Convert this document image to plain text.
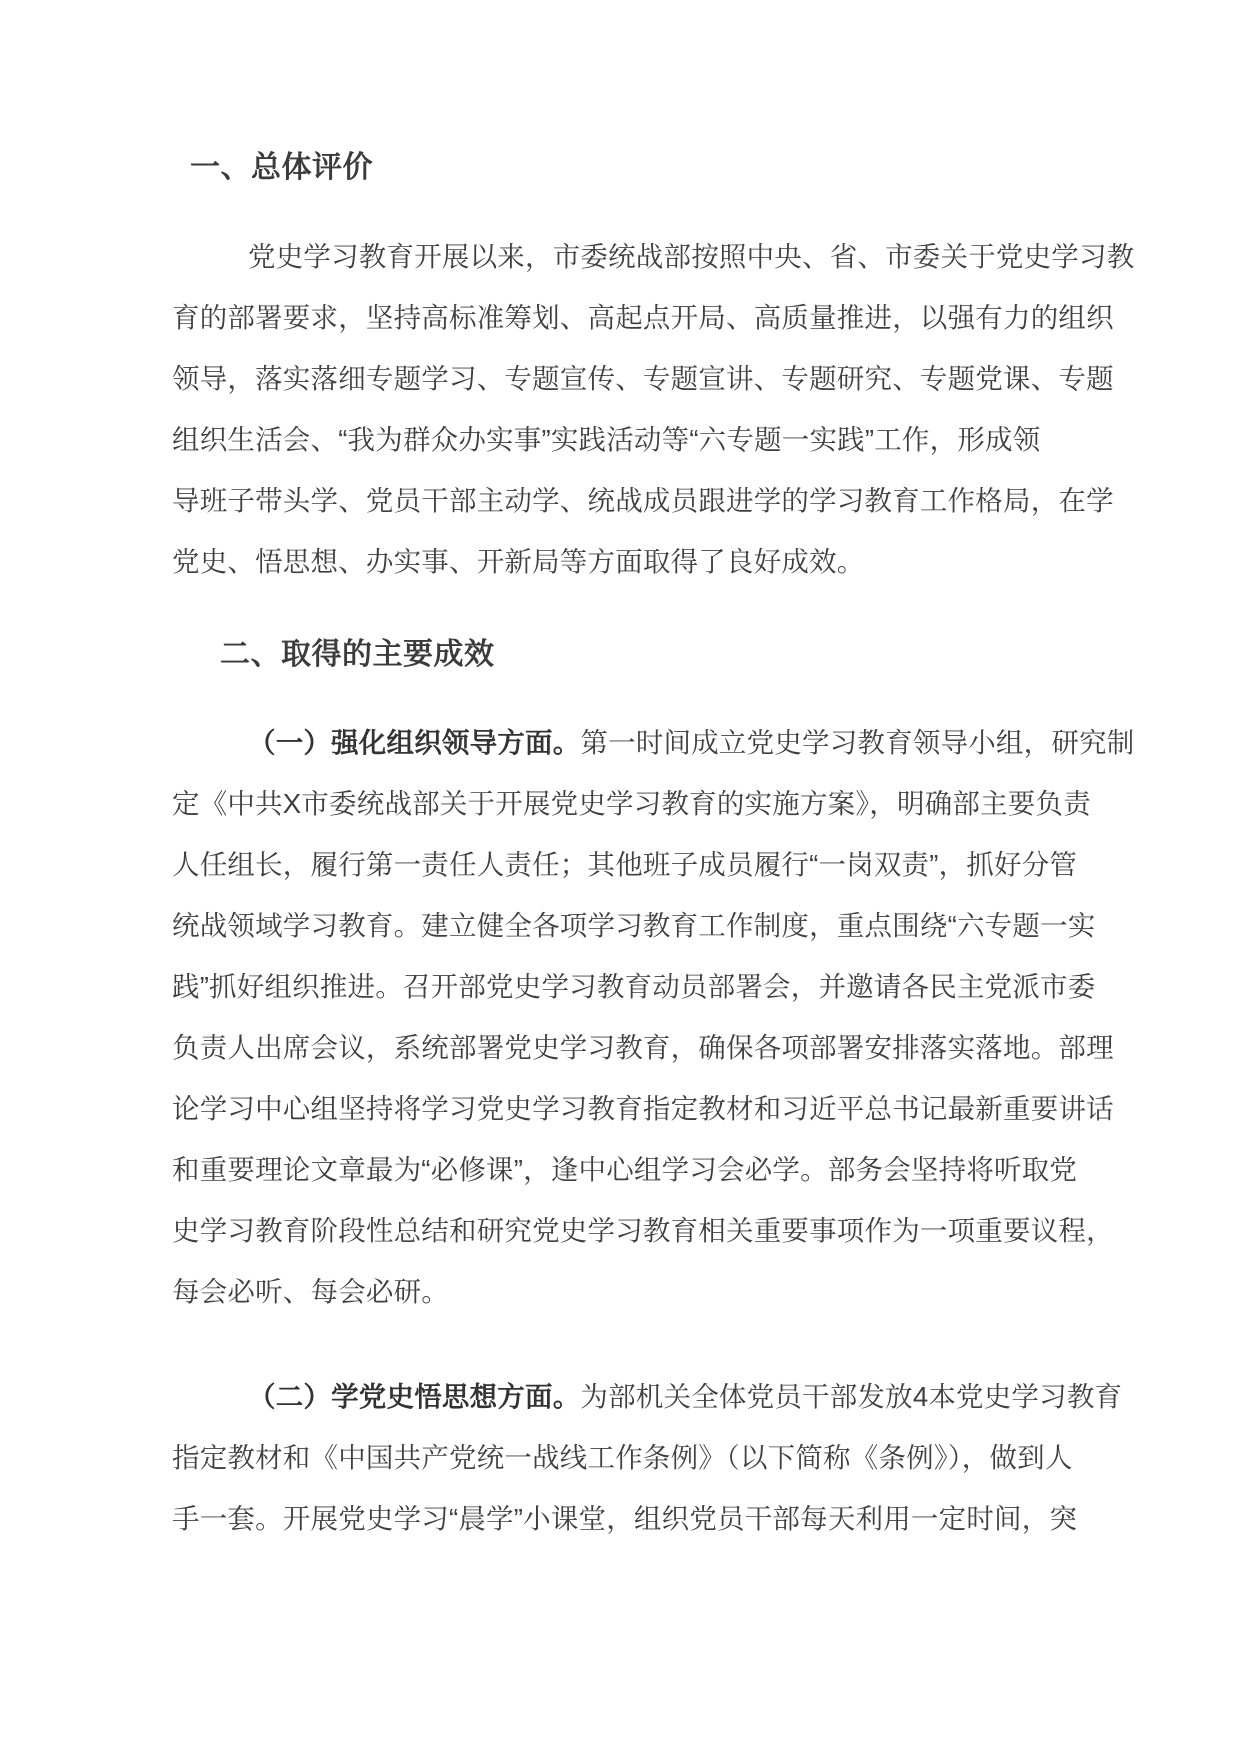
一、总体评价
党史学习教育开展以来，市委统战部按照中央、省、市委关于党史学习教
育的部署要求，坚持高标准筹划、高起点开局、高质量推进，以强有力的组织
领导，落实落细专题学习、专题宣传、专题宣讲、专题研究、专题党课、专题
组织生活会、“我为群众办实事”实践活动等“六专题一实践”工作，形成领
导班子带头学、党员干部主动学、统战成员跟进学的学习教育工作格局，在学
党史、悟思想、办实事、开新局等方面取得了良好成效。
二、取得的主要成效
（一）强化组织领导方面。第一时间成立党史学习教育领导小组，研究制
定《中共X市委统战部关于开展党史学习教育的实施方案》，明确部主要负责
人任组长，履行第一责任人责任；其他班子成员履行“一岗双责”，抓好分管
统战领域学习教育。建立健全各项学习教育工作制度，重点围绕“六专题一实
践”抓好组织推进。召开部党史学习教育动员部署会，并邀请各民主党派市委
负责人出席会议，系统部署党史学习教育，确保各项部署安排落实落地。部理
论学习中心组坚持将学习党史学习教育指定教材和习近平总书记最新重要讲话
和重要理论文章最为“必修课”，逢中心组学习会必学。部务会坚持将听取党
史学习教育阶段性总结和研究党史学习教育相关重要事项作为一项重要议程，
每会必听、每会必研。
（二）学党史悟思想方面。为部机关全体党员干部发放4本党史学习教育
指定教材和《中国共产党统一战线工作条例》（以下简称《条例》），做到人
手一套。开展党史学习“晨学”小课堂，组织党员干部每天利用一定时间，突
